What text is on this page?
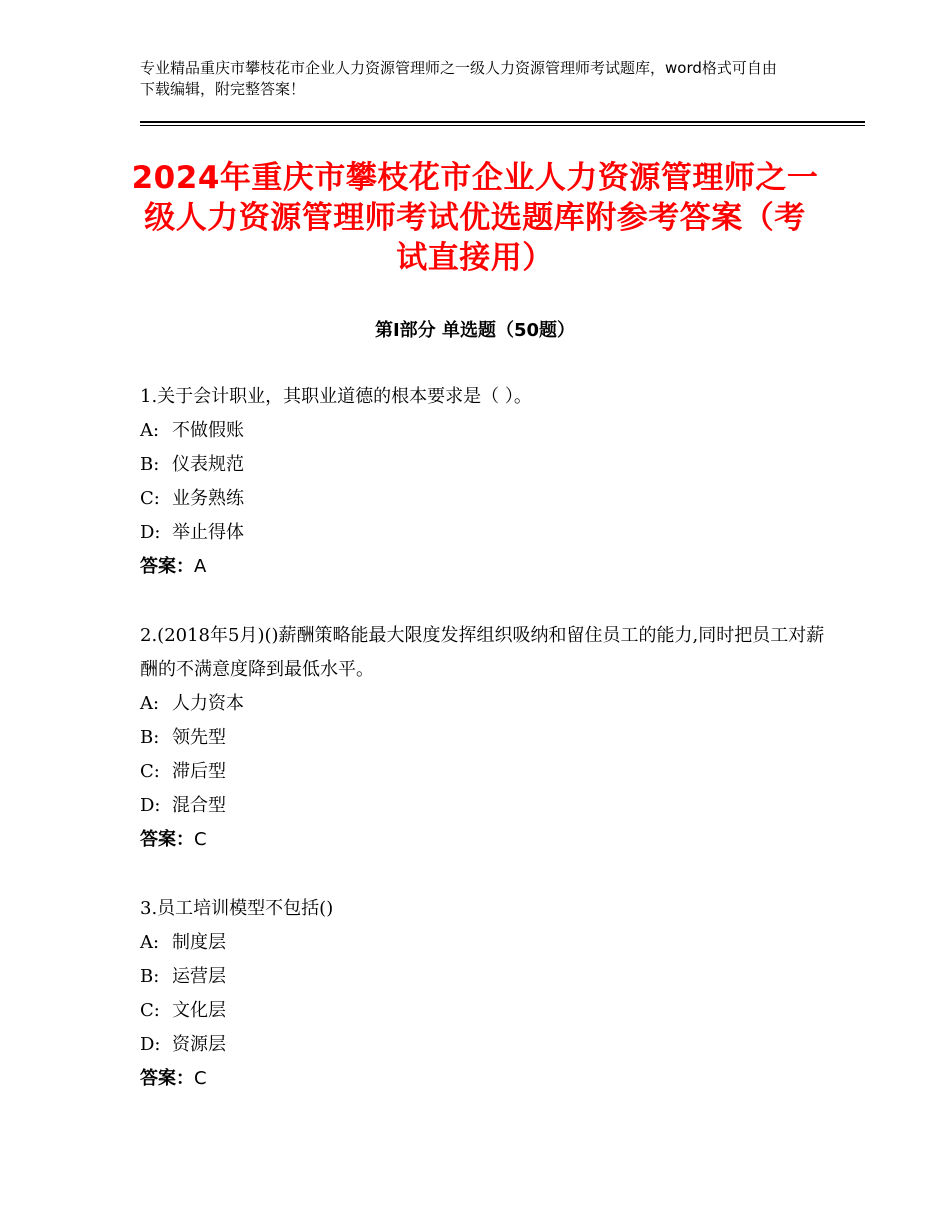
专业精品重庆市攀枝花市企业人力资源管理师之一级人力资源管理师考试题库，word格式可自由下载编辑，附完整答案！
2024年重庆市攀枝花市企业人力资源管理师之一级人力资源管理师考试优选题库附参考答案（考试直接用）
第Ⅰ部分 单选题（50题）

1.关于会计职业，其职业道德的根本要求是（ ）。

A: 不做假账

B: 仪表规范

C: 业务熟练

D: 举止得体

答案：A

2.(2018年5月)()薪酬策略能最大限度发挥组织吸纳和留住员工的能力,同时把员工对薪酬的不满意度降到最低水平。

A: 人力资本

B: 领先型

C: 滞后型

D: 混合型

答案：C

3.员工培训模型不包括()

A: 制度层

B: 运营层

C: 文化层

D: 资源层

答案：C
